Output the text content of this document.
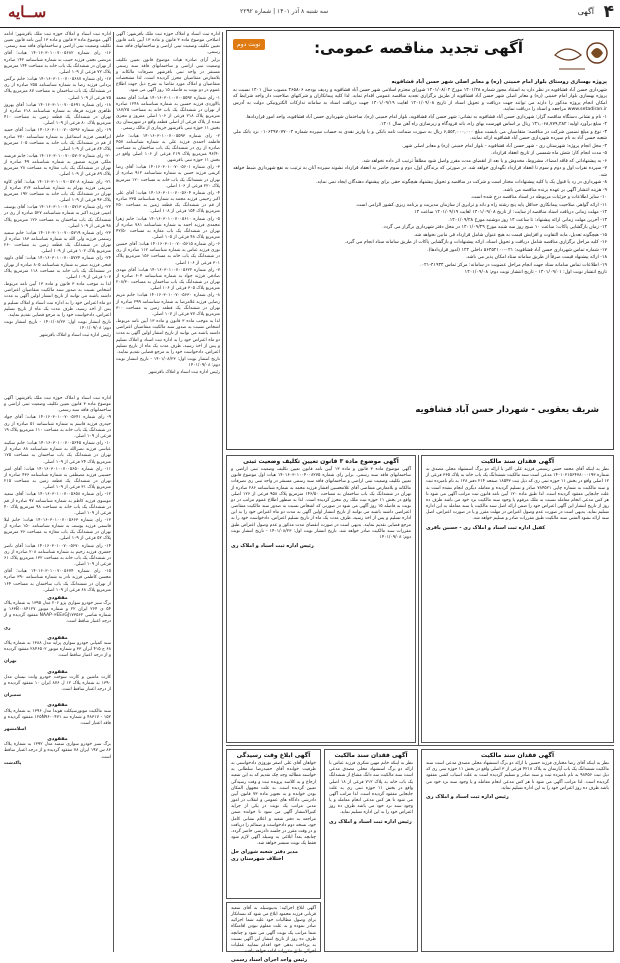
۴
آگهی
سه شنبه ۸ آذر ۱۴۰۱ | شماره ۲۲۹۲
ســایه
آگهی تجدید مناقصه عمومی:
نوبت دوم
پروژه بهسازی روستای بلوار امام خمینی (ره) و معابر اصلی شهر حسن آباد فشافویه

شهرداری حسن آباد فشافویه در نظر دارد به استناد مجوز شماره ۱۴۰۱/۲۸ مورخ ۱۴۰۱/۰۸/۰۲ شورای محترم اسلامی شهر حسن آباد فشافویه و ردیف بودجه ۲۶۵۸۰۶ مصوب سال ۱۴۰۱ نسبت به پروژه بهسازی بلوار امام خمینی (ره) و معابر اصلی شهر حسن آباد فشافویه از طریق برگزاری تجدید مناقصه عمومی اقدام نماید. لذا کلیه پیمانکاران و شرکتهای صلاحیت دار واجد شرایط که امکان انجام پروژه مذکور را دارند می توانند جهت دریافت و تحویل اسناد از تاریخ ۱۴۰۱/۰۹/۰۸ لغایت ۱۴۰۱/۰۹/۱۹ جهت دریافت اسناد به سامانه تدارکات الکترونیکی دولت به آدرس www.setadiran.ir مراجعه و اسناد را دریافت نمایند.

۱- نام و نشانی دستگاه مناقصه گزار: شهرداری حسن آباد فشافویه به نشانی: شهر حسن آباد فشافویه، بلوار امام خمینی (ره)، ساختمان شهرداری حسن آباد فشافویه، واحد امور قراردادها.

۲- مبلغ برآورد اولیه: ۱۳۱,۰۶۸,۷۷۹,۲۸۲ ریال بر اساس فهرست بهای راه، باند فرودگاه و زیرسازی راه آهن سال ۱۴۰۱.

۳- نوع و مبلغ تضمین شرکت در مناقصه: متقاضیان می بایست مبلغ ۶,۵۵۴,۰۰۰,۰۰۰ ریال به صورت ضمانت نامه بانکی و یا واریز نقدی به حساب سپرده شماره ۰۱۰۶۲۹۷۰۷۷۰۰۴ نزد بانک ملی شعبه حسن آباد به نام سپرده شهرداری حسن آباد فشافویه ارائه نمایند.

۴- محل انجام پروژه: شهرستان ری - شهر حسن آباد فشافویه - بلوار امام خمینی (ره) و معابر اصلی شهر.

۵- مدت انجام کار: شش ماه شمسی از تاریخ انعقاد قرارداد.

۶- به پیشنهاداتی که فاقد امضاء، مشروط، مخدوش و یا بعد از انقضای مدت مقرر واصل شود مطلقاً ترتیب اثر داده نخواهد شد.

۷- سپرده نفرات اول و دوم و سوم تا انعقاد قرارداد نگهداری خواهد شد. در صورتی که برندگان اول، دوم و سوم حاضر به انعقاد قرارداد نشوند سپرده آنان به ترتیب به نفع شهرداری ضبط خواهد شد.

۸- شهرداری در رد یا قبول یک یا کلیه پیشنهادات مختار است و شرکت در مناقصه و تحویل پیشنهاد هیچگونه حقی برای پیشنهاد دهندگان ایجاد نمی نماید.

۹- هزینه انتشار آگهی بر عهده برنده مناقصه می باشد.

۱۰- سایر اطلاعات و جزئیات مربوطه در اسناد مناقصه درج شده است.

۱۱- ارائه گواهی صلاحیت پیمانکاری حداقل پایه پنج رشته راه و باند و ترابری از سازمان مدیریت و برنامه ریزی کشور الزامی است.

۱۲- مهلت زمانی دریافت اسناد مناقصه از سایت: از تاریخ ۱۴۰۱/۰۹/۰۸ لغایت ۱۴۰۱/۰۹/۱۹ ساعت ۱۴

۱۳- آخرین مهلت زمانی ارائه پیشنهاد: تا ساعت ۱۴ روز دوشنبه مورخ ۱۴۰۱/۰۹/۲۸.

۱۴- زمان بازگشایی پاکات: ساعت ۱۰ صبح روز سه شنبه مورخ ۱۴۰۱/۰۹/۲۹ در محل دفتر شهرداری برگزار می گردد.

۱۵- هیچگونه تعدیل، مابه التفاوت و افزایش قیمت به هیچ عنوان شامل قرارداد فی مابین نخواهد شد.

۱۶- کلیه مراحل برگزاری مناقصه شامل دریافت و تحویل اسناد، ارائه پیشنهادات و بازگشایی پاکات از طریق سامانه ستاد انجام می گیرد.

۱۷- شماره تماس شهرداری حسن آباد فشافویه: ۰۲۱-۵۶۴۵۲۱۰۰ داخلی ۱۲۴ (امور قراردادها).

۱۸- ارائه پیشنهاد قیمت صرفاً از طریق سامانه ستاد امکان پذیر می باشد.

۱۹- اطلاعات تماس سامانه ستاد جهت انجام مراحل عضویت در سامانه: مرکز تماس ۴۱۹۳۴-۰۲۱.

تاریخ انتشار نوبت اول: ۱۴۰۱/۰۹/۰۱ - تاریخ انتشار نوبت دوم: ۱۴۰۱/۰۹/۰۸

شریف یعقوبی - شهردار حسن آباد فشافویه

اداره ثبت اسناد و املاک حوزه ثبت ملک باقرشهر: آگهی اصلاحی موضوع ماده ۳ قانون و ماده ۱۳ آیین نامه قانون تعیین تکلیف وضعیت ثبتی اراضی و ساختمانهای فاقد سند رسمی.

برابر آرای صادره هیات موضوع قانون تعیین تکلیف وضعیت ثبتی اراضی و ساختمانهای فاقد سند رسمی مستقر در واحد ثبتی باقرشهر تصرفات مالکانه و بلامعارض متقاضیان محرز گردیده است، لذا مشخصات متقاضیان و املاک مورد تقاضا به شرح ذیل جهت اطلاع عموم در دو نوبت به فاصله ۱۵ روز آگهی می شود.

۱- رای شماره ۱۴۰۱۶۰۳۰۱۰۰۷۰۰۵۵۹۲ هیات: آقای محمد بالاوردی فرزند حسین به شماره شناسنامه ۱۲۴۸ صادره از تهران در ششدانگ یک باب خانه به مساحت ۱۸۷/۲۵ مترمربع پلاک ۲۱۸ فرعی از ۱۰۶ اصلی مفروز و مجزی شده از پلاک فرعی از اصلی قطعه واقع در شهرستان ری بخش ۱۱ حوزه ثبتی باقرشهر خریداری از مالک رسمی.

۲- رای شماره ۱۴۰۱۶۰۳۰۱۰۰۷۰۰۵۵۹۳ هیات: خانم فاطمه احمدی فرزند علی به شماره شناسنامه ۴۵۷ صادره از ری در ششدانگ یک باب ساختمان به مساحت ۹۶/۴۰ مترمربع پلاک ۲۱۹ فرعی از ۱۰۶ اصلی واقع در بخش ۱۱ حوزه ثبتی باقرشهر.

۳- رای شماره ۱۴۰۱۶۰۳۰۱۰۰۷۰۰۵۶۰۱ هیات: آقای رضا کریمی فرزند حسن به شماره شناسنامه ۹۱۲ صادره از تهران در ششدانگ یک باب خانه به مساحت ۱۲۰ مترمربع پلاک ۲۲۰ فرعی از ۱۰۶ اصلی.

۴- رای شماره ۱۴۰۱۶۰۳۰۱۰۰۷۰۰۵۶۰۴ هیات: آقای علی اکبر رحیمی فرزند محمد به شماره شناسنامه ۳۳۵ صادره از قم در ششدانگ یک قطعه زمین به مساحت ۲۵۰ مترمربع پلاک ۱۵۴ فرعی از ۱۰۸ اصلی.

۵- رای شماره ۱۴۰۱۶۰۳۰۱۰۰۷۰۰۵۶۱۰ هیات: خانم زهرا محمدی فرزند احمد به شماره شناسنامه ۷۸۱ صادره از تهران در ششدانگ یک باب مغازه به مساحت ۴۲/۵۰ مترمربع پلاک ۴۸ فرعی از ۱۰۵ اصلی.

۶- رای شماره ۱۴۰۱۶۰۳۰۱۰۰۷۰۰۵۶۱۵ هیات: آقای حسین نوری فرزند عباس به شماره شناسنامه ۱۱۲ صادره از ری در ششدانگ یک باب خانه به مساحت ۱۵۶ مترمربع پلاک ۳۰۱ فرعی از ۱۰۶ اصلی.

۷- رای شماره ۱۴۰۱۶۰۳۰۱۰۰۷۰۰۵۶۲۲ هیات: آقای مهدی صادقی فرزند جواد به شماره شناسنامه ۶۰۴ صادره از تهران در ششدانگ یک باب ساختمان به مساحت ۲۰۸/۳۰ مترمربع پلاک ۳۰۵ فرعی از ۱۰۶ اصلی.

۸- رای شماره ۱۴۰۱۶۰۳۰۱۰۰۷۰۰۵۶۳۰ هیات: خانم مریم رضایی فرزند غلامرضا به شماره شناسنامه ۲۹۹ صادره از تهران در ششدانگ یک قطعه زمین به مساحت ۳۰۰ مترمربع پلاک ۷۷ فرعی از ۱۰۷ اصلی.

لذا به موجب ماده ۳ قانون و ماده ۱۳ آیین نامه مربوط، اشخاص نسبت به صدور سند مالکیت متقاضیان اعتراضی داشته باشند می توانند از تاریخ انتشار اولین آگهی به مدت دو ماه اعتراض خود را به اداره ثبت اسناد و املاک تسلیم و پس از اخذ رسید، ظرف مدت یک ماه از تاریخ تسلیم اعتراض، دادخواست خود را به مرجع قضایی تقدیم نمایند.

تاریخ انتشار نوبت اول: ۱۴۰۱/۰۸/۲۳ - تاریخ انتشار نوبت دوم: ۱۴۰۱/۰۹/۰۸

رئیس اداره ثبت اسناد و املاک باقرشهر

اداره ثبت اسناد و املاک حوزه ثبت ملک باقرشهر: ادامه آگهی موضوع ماده ۳ قانون و ماده ۱۳ آیین نامه قانون تعیین تکلیف وضعیت ثبتی اراضی و ساختمانهای فاقد سند رسمی.

۱۶- رای شماره ۱۴۰۱۶۰۳۰۱۰۰۷۰۰۵۶۸۲ هیات: آقای مرتضی نجفی فرزند حبیب به شماره شناسنامه ۱۴۲ صادره از تهران در ششدانگ یک باب خانه به مساحت ۱۴۴ مترمربع پلاک ۷۲ فرعی از ۱۰۹ اصلی.

۱۷- رای شماره ۱۴۰۱۶۰۳۰۱۰۰۷۰۰۵۶۸۷ هیات: خانم نرگس یزدانی فرزند رضا به شماره شناسنامه ۲۵۵ صادره از ری در ششدانگ یک باب ساختمان به مساحت ۸۷ مترمربع پلاک ۷۵ فرعی از ۱۰۹ اصلی.

۱۸- رای شماره ۱۴۰۱۶۰۳۰۱۰۰۷۰۰۵۶۹۱ هیات: آقای بهروز طاهری فرزند فرهاد به شماره شناسنامه ۶۱۸ صادره از تهران در ششدانگ یک قطعه زمین به مساحت ۴۱۰ مترمربع پلاک ۸۰ فرعی از ۱۰۹ اصلی.

۱۹- رای شماره ۱۴۰۱۶۰۳۰۱۰۰۷۰۰۵۶۹۶ هیات: آقای حمید ابراهیمی فرزند اسماعیل به شماره شناسنامه ۳۷۰ صادره از قم در ششدانگ یک باب خانه به مساحت ۱۰۵ مترمربع پلاک ۸۴ فرعی از ۱۰۹ اصلی.

۲۰- رای شماره ۱۴۰۱۶۰۳۰۱۰۰۷۰۰۵۷۰۲ هیات: خانم فرشته ملکی فرزند منصور به شماره شناسنامه ۴۹ صادره از تهران در ششدانگ یک باب مغازه به مساحت ۲۸ مترمربع پلاک ۸۹ فرعی از ۱۰۹ اصلی.

۲۱- رای شماره ۱۴۰۱۶۰۳۰۱۰۰۷۰۰۵۷۰۸ هیات: آقای کاوه شریفی فرزند بهرام به شماره شناسنامه ۷۱۴ صادره از تهران در ششدانگ یک باب خانه به مساحت ۱۹۲ مترمربع پلاک ۹۳ فرعی از ۱۰۹ اصلی.

۲۲- رای شماره ۱۴۰۱۶۰۳۰۱۰۰۷۰۰۵۷۱۳ هیات: آقای یوسف امینی فرزند اکبر به شماره شناسنامه ۵۲۷ صادره از ری در ششدانگ یک باب ساختمان به مساحت ۱۲۶ مترمربع پلاک ۹۸ فرعی از ۱۰۹ اصلی.

۲۳- رای شماره ۱۴۰۱۶۰۳۰۱۰۰۷۰۰۵۷۱۹ هیات: خانم سمیه رستمی فرزند ولی الله به شماره شناسنامه ۱۸۳ صادره از تهران در ششدانگ یک قطعه زمین به مساحت ۲۶۰ مترمربع پلاک ۱۰۲ فرعی از ۱۰۹ اصلی.

۲۴- رای شماره ۱۴۰۱۶۰۳۰۱۰۰۷۰۰۵۷۲۴ هیات: آقای داوود فتحی فرزند صفر به شماره شناسنامه ۸۰۵ صادره از تهران در ششدانگ یک باب خانه به مساحت ۱۱۸ مترمربع پلاک ۱۰۷ فرعی از ۱۰۹ اصلی.

لذا به موجب ماده ۳ قانون و ماده ۱۳ آیین نامه مربوط، اشخاص نسبت به صدور سند مالکیت متقاضیان اعتراضی داشته باشند می توانند از تاریخ انتشار اولین آگهی به مدت دو ماه اعتراض خود را به اداره ثبت اسناد و املاک تسلیم و پس از اخذ رسید، ظرف مدت یک ماه از تاریخ تسلیم اعتراض، دادخواست خود را به مرجع قضایی تقدیم نمایند.

تاریخ انتشار نوبت اول: ۱۴۰۱/۰۸/۲۳ - تاریخ انتشار نوبت دوم: ۱۴۰۱/۰۹/۰۸

رئیس اداره ثبت اسناد و املاک باقرشهر

اداره ثبت اسناد و املاک حوزه ثبت ملک باقرشهر: آگهی موضوع ماده ۳ قانون تعیین تکلیف وضعیت ثبتی اراضی و ساختمانهای فاقد سند رسمی.

۹- رای شماره ۱۴۰۱۶۰۳۰۱۰۰۷۰۰۵۶۴۱ هیات: آقای جواد حیدری فرزند قاسم به شماره شناسنامه ۵۱ صادره از ری در ششدانگ یک باب خانه به مساحت ۱۱۰ مترمربع پلاک ۱۹ فرعی از ۱۰۹ اصلی.

۱۰- رای شماره ۱۴۰۱۶۰۳۰۱۰۰۷۰۰۵۶۴۵ هیات: خانم سکینه عباسی فرزند نصرالله به شماره شناسنامه ۸۸ صادره از تهران در ششدانگ یک باب ساختمان به مساحت ۱۷۵ مترمربع پلاک ۲۴ فرعی از ۱۰۹ اصلی.

۱۱- رای شماره ۱۴۰۱۶۰۳۰۱۰۰۷۰۰۵۶۵۰ هیات: آقای امیر حسینی فرزند مصطفی به شماره شناسنامه ۴۳۶ صادره از تهران در ششدانگ یک قطعه زمین به مساحت ۲۱۵ مترمربع پلاک ۳۱ فرعی از ۱۰۹ اصلی.

۱۲- رای شماره ۱۴۰۱۶۰۳۰۱۰۰۷۰۰۵۶۵۸ هیات: آقای سعید موسوی فرزند کاظم به شماره شناسنامه ۹۷ صادره از قم در ششدانگ یک باب خانه به مساحت ۹۸ مترمربع پلاک ۴۰ فرعی از ۱۰۹ اصلی.

۱۳- رای شماره ۱۴۰۱۶۰۳۰۱۰۰۷۰۰۵۶۶۳ هیات: خانم لیلا قاسمی فرزند یوسف به شماره شناسنامه ۱۵۰ صادره از تهران در ششدانگ یک باب مغازه به مساحت ۳۶ مترمربع پلاک ۵۲ فرعی از ۱۰۹ اصلی.

۱۴- رای شماره ۱۴۰۱۶۰۳۰۱۰۰۷۰۰۵۶۷۰ هیات: آقای ناصر جعفری فرزند رحیم به شماره شناسنامه ۲۰۸ صادره از ری در ششدانگ یک باب خانه به مساحت ۱۳۲ مترمربع پلاک ۶۱ فرعی از ۱۰۹ اصلی.

۱۵- رای شماره ۱۴۰۱۶۰۳۰۱۰۰۷۰۰۵۶۷۴ هیات: آقای محسن کاظمی فرزند نادر به شماره شناسنامه ۳۹۰ صادره از تهران در ششدانگ یک باب ساختمان به مساحت ۱۶۴ مترمربع پلاک ۶۸ فرعی از ۱۰۹ اصلی.

مفقودی
برگ سبز خودرو سواری پژو ۲۰۶ مدل ۱۳۹۵ به شماره پلاک ۵۴ ی ۲۶۴ ایران ۲۲ و شماره موتور ۱۶۳B۰۰۸۴۱۲۷ و شماره شاسی NAAP۰۳EE۸GJ۱۷۳۵۶۲ مفقود گردیده و از درجه اعتبار ساقط است.
ری
مفقودی
سند کمپانی خودرو سواری پراید مدل ۱۳۸۸ به شماره پلاک ۶۸ ج ۴۱۵ ایران ۳۳ و شماره موتور ۲۸۴۶۵۰۲ مفقود گردیده و از درجه اعتبار ساقط است.
تهران
مفقودی
کارت ماشین و کارت سوخت خودرو وانت نیسان مدل ۱۳۹۰ به شماره پلاک ۱۲ ل ۸۷۶ ایران ۱۰ مفقود گردیده و از درجه اعتبار ساقط است.
شمیران
مفقودی
سند مالکیت موتورسیکلت هوندا مدل ۱۳۹۶ به شماره پلاک ۱۵۲ - ۴۸۳۱۷ و شماره تنه ۱۲۵N۹۶۰۰۴۷۱ مفقود گردیده و فاقد اعتبار است.
اسلامشهر
مفقودی
برگ سبز خودرو سواری سمند مدل ۱۳۹۲ به شماره پلاک ۸۳ س ۱۹۷ ایران ۷۸ مفقود گردیده و از درجه اعتبار ساقط است.
پاکدشت
آگهی فقدان سند مالکیت
نظر به اینکه آقای محمد حسن رستمی فرزند علی اکبر با ارائه دو برگ استشهاد محلی مصدق به شماره ۱۴۰۱۰۲۱۵۶۴۷۸۰۰۰۱۹۳ مدعی است سند مالکیت ششدانگ یک باب خانه به پلاک ۳۶۵ فرعی از ۱۲ اصلی واقع در بخش ۱۱ حوزه ثبتی ری که ذیل ثبت ۱۸۵۴۳ صفحه ۲۱۴ دفتر ۱۲۸ به نام نامبرده ثبت و سند مالکیت به شماره چاپی ۷۸۴۵۲۱ صادر و تسلیم گردیده و معامله دیگری انجام نشده است به علت جابجایی مفقود گردیده است. لذا طبق ماده ۱۲۰ آیین نامه قانون ثبت مراتب آگهی می شود تا هر کس مدعی انجام معامله نسبت به ملک مرقوم یا وجود سند مالکیت نزد خود می باشد ظرف ده روز از تاریخ انتشار این آگهی اعتراض خود را ضمن ارائه اصل سند مالکیت یا سند معامله به این اداره تسلیم نماید. بدیهی است در صورت عدم وصول اعتراض در مهلت مقرر و یا در صورت اعتراض، اصل سند ارائه نشود المثنی سند مالکیت طبق مقررات صادر و تسلیم خواهد شد.
کفیل اداره ثبت اسناد و املاک ری - حسین باقری
آگهی موضوع ماده ۳ قانون تعیین تکلیف وضعیت ثبتی
آگهی موضوع ماده ۳ قانون و ماده ۱۳ آیین نامه قانون تعیین تکلیف وضعیت ثبتی اراضی و ساختمانهای فاقد سند رسمی. برابر رای شماره ۱۴۰۱۶۰۳۰۱۰۰۴۰۰۸۲۷۵ هیات اول موضوع قانون تعیین تکلیف وضعیت ثبتی اراضی و ساختمانهای فاقد سند رسمی مستقر در واحد ثبتی ری تصرفات مالکانه و بلامعارض متقاضی آقای غلامحسین افشار فرزند محمد به شماره شناسنامه ۲۸۶ صادره از تهران در ششدانگ یک باب ساختمان به مساحت ۱۴۶/۵۰ مترمربع پلاک ۹۵۸ فرعی از ۱۲۶ اصلی واقع در بخش ۱۱ حوزه ثبت ملک ری محرز گردیده است. لذا به منظور اطلاع عموم مراتب در دو نوبت به فاصله ۱۵ روز آگهی می شود در صورتی که اشخاص نسبت به صدور سند مالکیت متقاضی اعتراضی داشته باشند می توانند از تاریخ انتشار اولین آگهی به مدت دو ماه اعتراض خود را به این اداره تسلیم و پس از اخذ رسید، ظرف مدت یک ماه از تاریخ تسلیم اعتراض، دادخواست خود را به مرجع قضایی تقدیم نمایند. بدیهی است در صورت انقضای مدت مذکور و عدم وصول اعتراض طبق مقررات سند مالکیت صادر خواهد شد. تاریخ انتشار نوبت اول: ۱۴۰۱/۰۸/۲۳ - تاریخ انتشار نوبت دوم: ۱۴۰۱/۰۹/۰۸
رئیس اداره ثبت اسناد و املاک ری
آگهی فقدان سند مالکیت
نظر به اینکه آقای رضا مختاری فرزند حسین با ارائه دو برگ استشهاد محلی مصدق مدعی است سند مالکیت ششدانگ یک باب آپارتمان به پلاک ۴۲۱۸ فرعی از ۳ اصلی واقع در بخش ۱۱ حوزه ثبتی ری که ذیل ثبت ۹۸۴۵۶ به نام نامبرده ثبت و سند صادر و تسلیم گردیده است به علت اسباب کشی مفقود گردیده است. لذا مراتب آگهی می شود تا هر کس مدعی انجام معامله و یا وجود سند نزد خود می باشد ظرف ده روز اعتراض خود را به این اداره تسلیم نماید.
رئیس اداره ثبت اسناد و املاک ری
آگهی فقدان سند مالکیت
نظر به اینکه خانم مهین شکری فرزند عباس با ارائه دو برگ استشهاد محلی مصدق مدعی است سند مالکیت سه دانگ مشاع از ششدانگ یک باب خانه به پلاک ۷۱۲ فرعی از ۱۸ اصلی واقع در بخش ۱۱ حوزه ثبتی ری به علت جابجایی مفقود گردیده است. لذا مراتب آگهی می شود تا هر کس مدعی انجام معامله و یا وجود سند نزد خود می باشد ظرف ده روز اعتراض خود را به این اداره تسلیم نماید.
رئیس اداره ثبت اسناد و املاک ری
آگهی ابلاغ وقت رسیدگی
خواهان آقای علی اصغر نوروزی دادخواستی به طرفیت خوانده آقای حمیدرضا سلطانی به خواسته مطالبه وجه چک تقدیم که به این شعبه ارجاع و به کلاسه پرونده ثبت و وقت رسیدگی تعیین گردیده است. به علت مجهول المکان بودن خوانده و به تجویز ماده ۷۳ قانون آیین دادرسی دادگاه های عمومی و انقلاب در امور مدنی مراتب یک نوبت در یکی از جراید کثیرالانتشار آگهی می شود تا خوانده ضمن مراجعه به دفتر شعبه و اعلام نشانی کامل خود، نسخه دوم دادخواست و ضمائم را دریافت و در وقت مقرر در جلسه دادرسی حاضر گردد. چنانچه بعداً ابلاغی به وسیله آگهی لازم شود فقط یک نوبت منتشر خواهد شد.
مدیر دفتر شعبه شورای حل اختلاف شهرستان ری
آگهی ابلاغ اجرائیه: بدینوسیله به آقای سعید قربانی فرزند محمود ابلاغ می شود که بستانکار برای وصول مطالبات خود علیه شما اجرائیه صادر نموده و به علت معلوم نبودن اقامتگاه شما مراتب یک نوبت آگهی می شود و چنانچه ظرف ده روز از تاریخ انتشار این آگهی نسبت به پرداخت بدهی خود اقدام ننمایید عملیات اجرائی طبق مقررات ادامه خواهد یافت.
رئیس واحد اجرای اسناد رسمی
